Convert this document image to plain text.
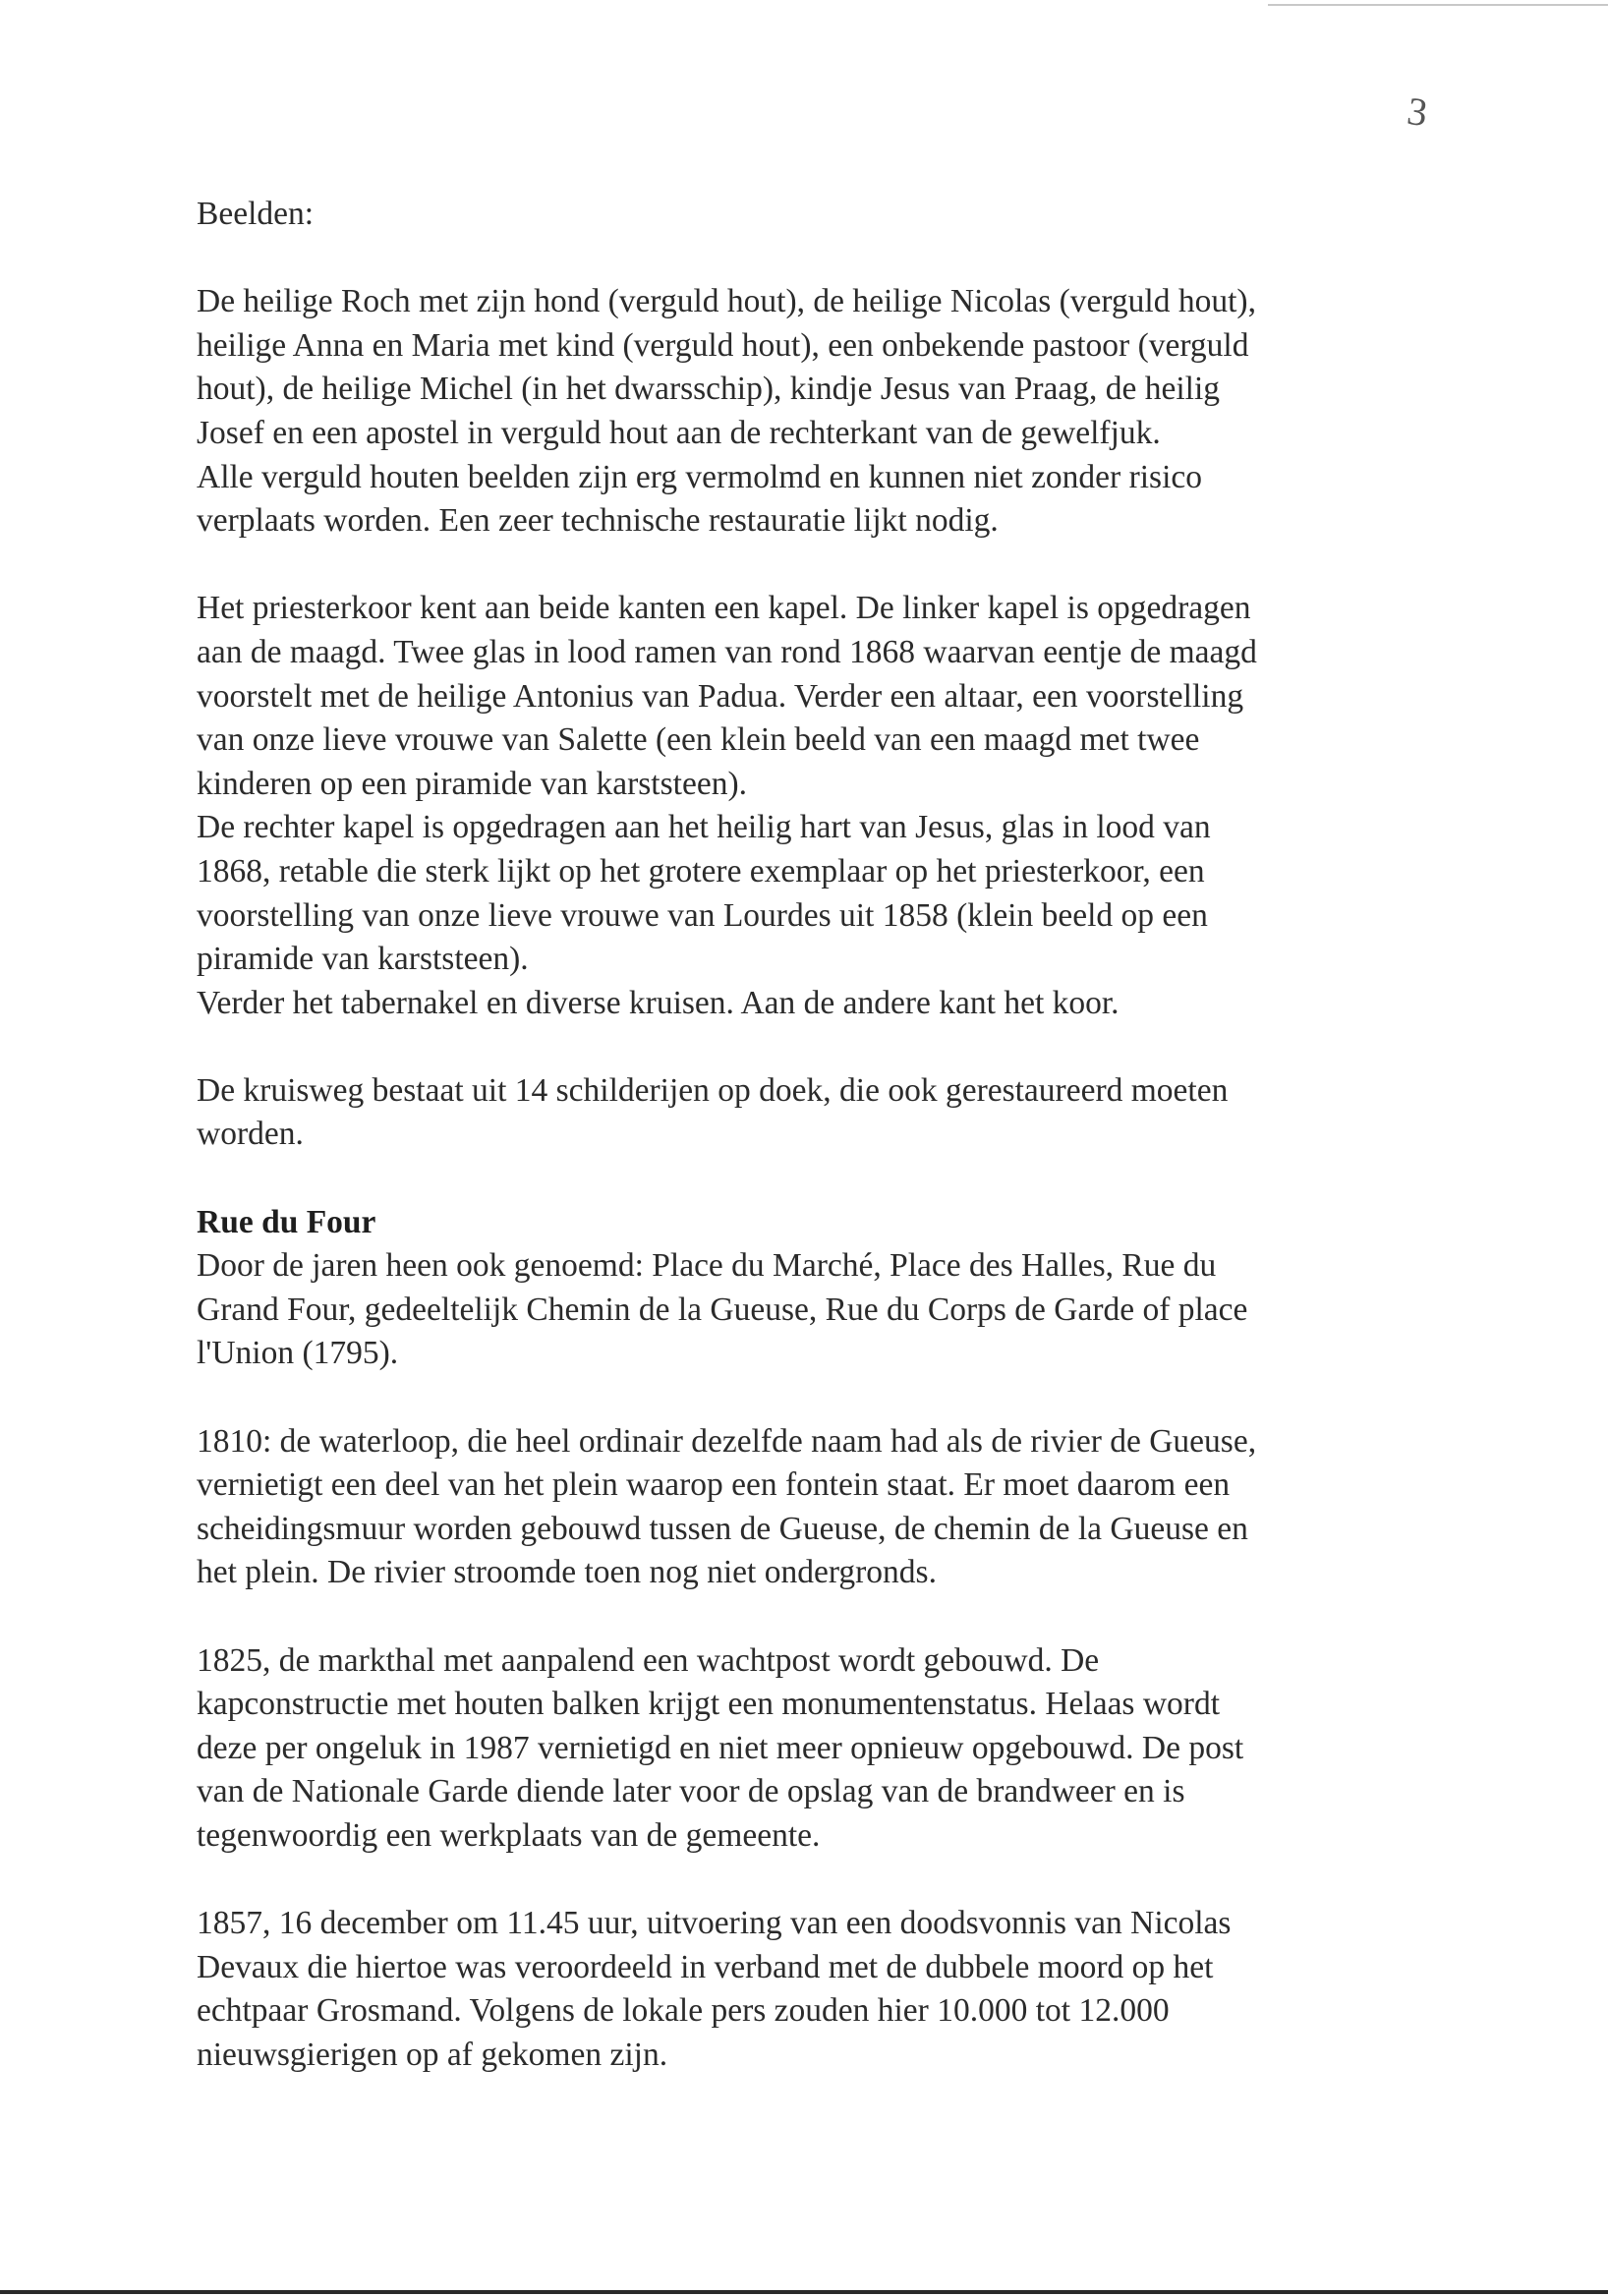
3

Beelden:

De heilige Roch met zijn hond (verguld hout), de heilige Nicolas (verguld hout),
heilige Anna en Maria met kind (verguld hout), een onbekende pastoor (verguld
hout), de heilige Michel (in het dwarsschip), kindje Jesus van Praag, de heilig
Josef en een apostel in verguld hout aan de rechterkant van de gewelfjuk.
Alle verguld houten beelden zijn erg vermolmd en kunnen niet zonder risico
verplaats worden. Een zeer technische restauratie lijkt nodig.

Het priesterkoor kent aan beide kanten een kapel. De linker kapel is opgedragen
aan de maagd. Twee glas in lood ramen van rond 1868 waarvan eentje de maagd
voorstelt met de heilige Antonius van Padua. Verder een altaar, een voorstelling
van onze lieve vrouwe van Salette (een klein beeld van een maagd met twee
kinderen op een piramide van karststeen).
De rechter kapel is opgedragen aan het heilig hart van Jesus, glas in lood van
1868, retable die sterk lijkt op het grotere exemplaar op het priesterkoor, een
voorstelling van onze lieve vrouwe van Lourdes uit 1858 (klein beeld op een
piramide van karststeen).
Verder het tabernakel en diverse kruisen. Aan de andere kant het koor.

De kruisweg bestaat uit 14 schilderijen op doek, die ook gerestaureerd moeten
worden.

Rue du Four

Door de jaren heen ook genoemd: Place du Marché, Place des Halles, Rue du
Grand Four, gedeeltelijk Chemin de la Gueuse, Rue du Corps de Garde of place
l'Union (1795).

1810: de waterloop, die heel ordinair dezelfde naam had als de rivier de Gueuse,
vernietigt een deel van het plein waarop een fontein staat. Er moet daarom een
scheidingsmuur worden gebouwd tussen de Gueuse, de chemin de la Gueuse en
het plein. De rivier stroomde toen nog niet ondergronds.

1825, de markthal met aanpalend een wachtpost wordt gebouwd. De
kapconstructie met houten balken krijgt een monumentenstatus. Helaas wordt
deze per ongeluk in 1987 vernietigd en niet meer opnieuw opgebouwd. De post
van de Nationale Garde diende later voor de opslag van de brandweer en is
tegenwoordig een werkplaats van de gemeente.

1857, 16 december om 11.45 uur, uitvoering van een doodsvonnis van Nicolas
Devaux die hiertoe was veroordeeld in verband met de dubbele moord op het
echtpaar Grosmand. Volgens de lokale pers zouden hier 10.000 tot 12.000
nieuwsgierigen op af gekomen zijn.
